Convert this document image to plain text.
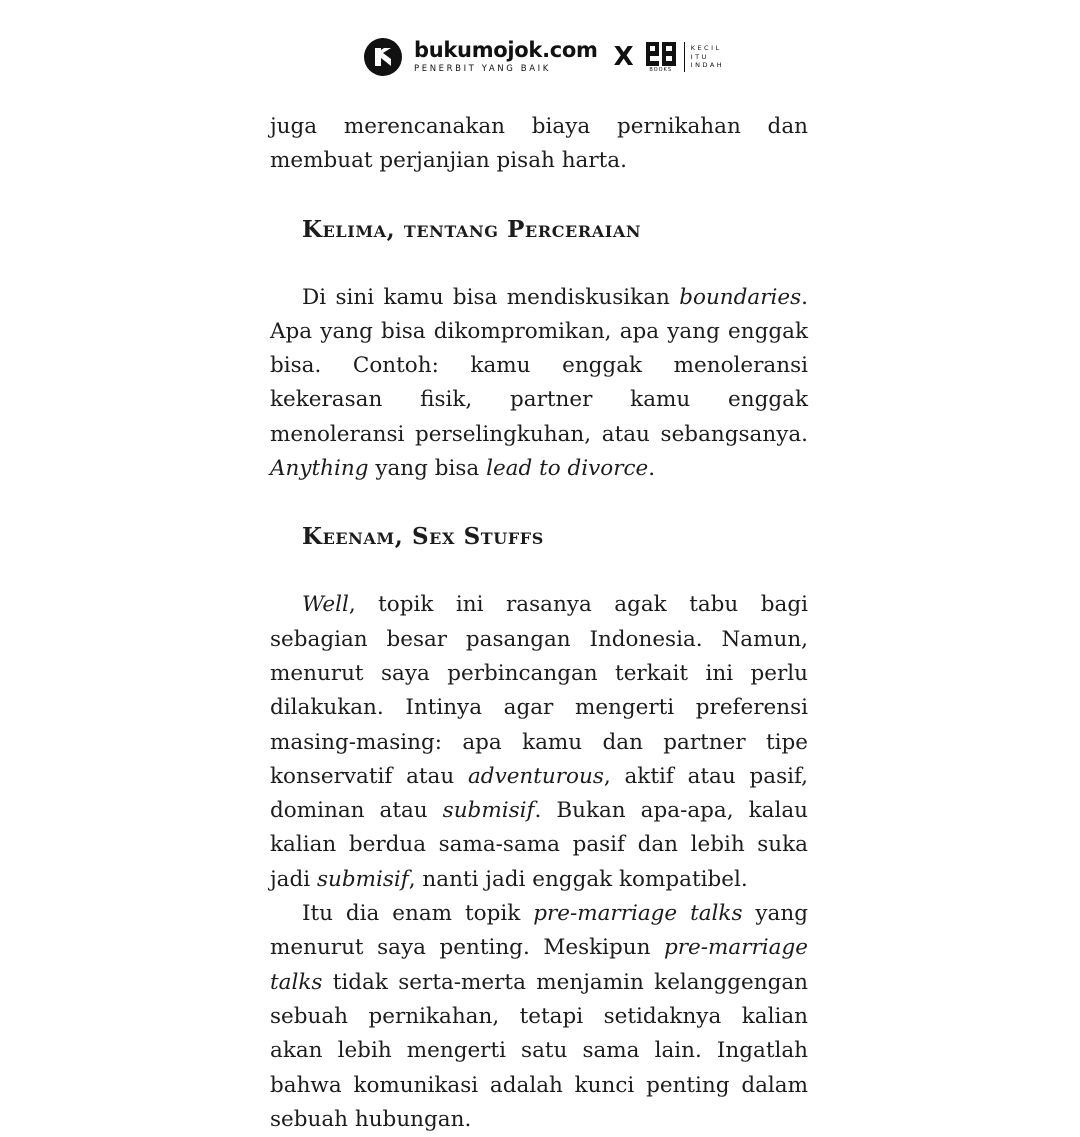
bukumojok.com
PENERBIT YANG BAIK	X	BOOKS
KECIL
ITU
INDAH

juga merencanakan biaya pernikahan dan membuat perjanjian pisah harta.

Kelima, tentang Perceraian

Di sini kamu bisa mendiskusikan boundaries. Apa yang bisa dikompromikan, apa yang enggak bisa. Contoh: kamu enggak menoleransi kekerasan fisik, partner kamu enggak menoleransi perselingkuhan, atau sebangsanya. Anything yang bisa lead to divorce.

Keenam, Sex Stuffs

Well, topik ini rasanya agak tabu bagi sebagian besar pasangan Indonesia. Namun, menurut saya perbincangan terkait ini perlu dilakukan. Intinya agar mengerti preferensi masing-masing: apa kamu dan partner tipe konservatif atau adventurous, aktif atau pasif, dominan atau submisif. Bukan apa-apa, kalau kalian berdua sama-sama pasif dan lebih suka jadi submisif, nanti jadi enggak kompatibel.

Itu dia enam topik pre-marriage talks yang menurut saya penting. Meskipun pre-marriage talks tidak serta-merta menjamin kelanggengan sebuah pernikahan, tetapi setidaknya kalian akan lebih mengerti satu sama lain. Ingatlah bahwa komunikasi adalah kunci penting dalam sebuah hubungan.
